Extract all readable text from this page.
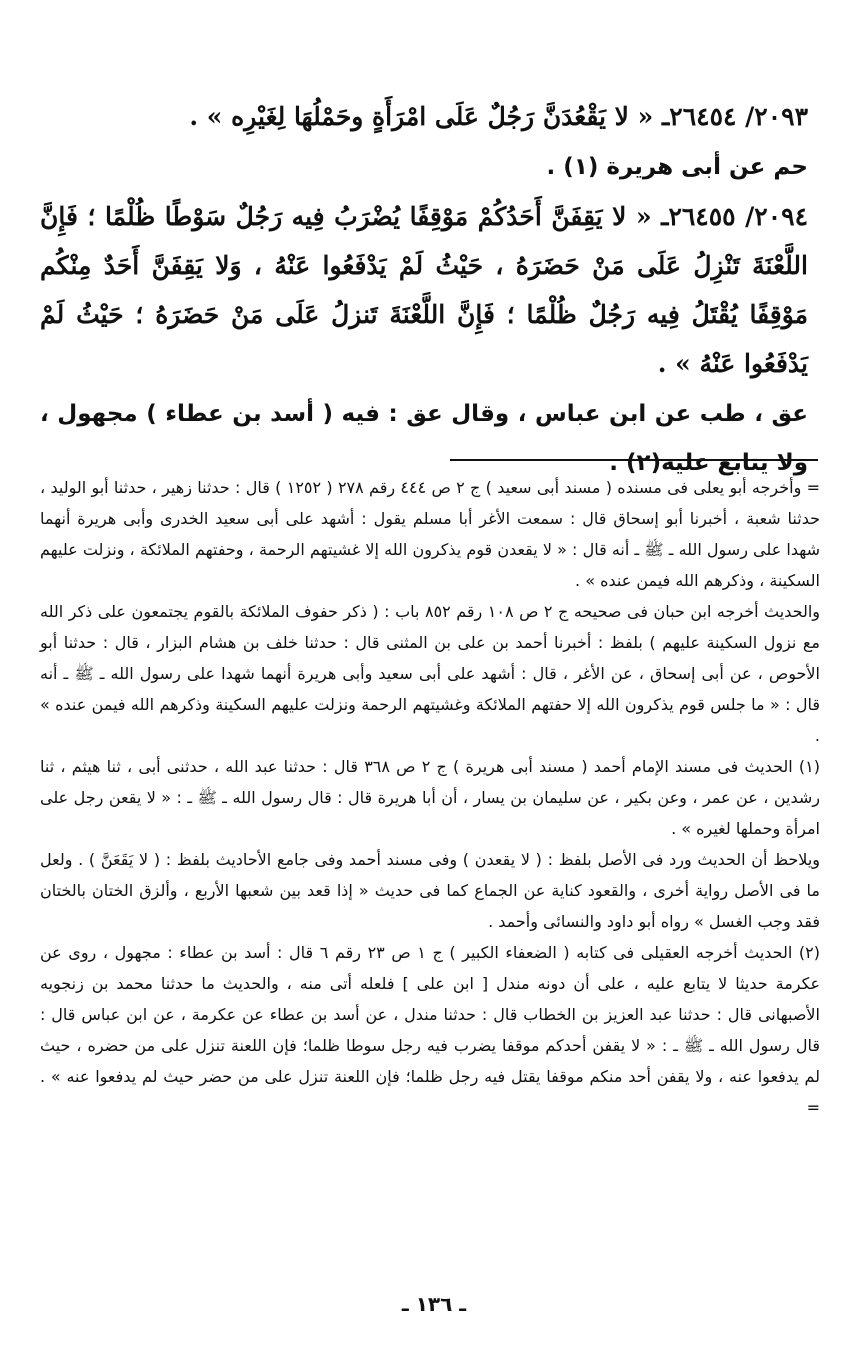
٢٠٩٣/ ٢٦٤٥٤ـ « لا يَقْعُدَنَّ رَجُلٌ عَلَى امْرَأَةٍ وحَمْلُهَا لِغَيْرِه » .

حم عن أبى هريرة (١) .

٢٠٩٤/ ٢٦٤٥٥ـ « لا يَقِفَنَّ أَحَدُكُمْ مَوْقِفًا يُضْرَبُ فِيه رَجُلٌ سَوْطًا ظُلْمًا ؛ فَإِنَّ اللَّعْنَةَ تَنْزِلُ عَلَى مَنْ حَضَرَهُ ، حَيْثُ لَمْ يَدْفَعُوا عَنْهُ ، وَلا يَقِفَنَّ أَحَدٌ مِنْكُم مَوْقِفًا يُقْتَلُ فِيه رَجُلٌ ظُلْمًا ؛ فَإِنَّ اللَّعْنَةَ تَنزلُ عَلَى مَنْ حَضَرَهُ ؛ حَيْثُ لَمْ يَدْفَعُوا عَنْهُ » .

عق ، طب عن ابن عباس ، وقال عق : فيه ( أسد بن عطاء ) مجهول ، ولا يتابع عليه(٢) .

= وأخرجه أبو يعلى فى مسنده ( مسند أبى سعيد ) ج ٢ ص ٤٤٤ رقم ٢٧٨ ( ١٢٥٢ ) قال : حدثنا زهير ، حدثنا أبو الوليد ، حدثنا شعبة ، أخبرنا أبو إسحاق قال : سمعت الأغر أبا مسلم يقول : أشهد على أبى سعيد الخدرى وأبى هريرة أنهما شهدا على رسول الله ـ ﷺ ـ أنه قال : « لا يقعدن قوم يذكرون الله إلا غشيتهم الرحمة ، وحفتهم الملائكة ، ونزلت عليهم السكينة ، وذكرهم الله فيمن عنده » .

والحديث أخرجه ابن حبان فى صحيحه ج ٢ ص ١٠٨ رقم ٨٥٢ باب : ( ذكر حفوف الملائكة بالقوم يجتمعون على ذكر الله مع نزول السكينة عليهم ) بلفظ : أخبرنا أحمد بن على بن المثنى قال : حدثنا خلف بن هشام البزار ، قال : حدثنا أبو الأحوص ، عن أبى إسحاق ، عن الأغر ، قال : أشهد على أبى سعيد وأبى هريرة أنهما شهدا على رسول الله ـ ﷺ ـ أنه قال : « ما جلس قوم يذكرون الله إلا حفتهم الملائكة وغشيتهم الرحمة ونزلت عليهم السكينة وذكرهم الله فيمن عنده » .

(١) الحديث فى مسند الإمام أحمد ( مسند أبى هريرة ) ج ٢ ص ٣٦٨ قال : حدثنا عبد الله ، حدثنى أبى ، ثنا هيثم ، ثنا رشدين ، عن عمر ، وعن بكير ، عن سليمان بن يسار ، أن أبا هريرة قال : قال رسول الله ـ ﷺ ـ : « لا يقعن رجل على امرأة وحملها لغيره » .

ويلاحظ أن الحديث ورد فى الأصل بلفظ : ( لا يقعدن ) وفى مسند أحمد وفى جامع الأحاديث بلفظ : ( لا يَقَعَنَّ ) . ولعل ما فى الأصل رواية أخرى ، والقعود كناية عن الجماع كما فى حديث « إذا قعد بين شعبها الأربع ، وألزق الختان بالختان فقد وجب الغسل » رواه أبو داود والنسائى وأحمد .

(٢) الحديث أخرجه العقيلى فى كتابه ( الضعفاء الكبير ) ج ١ ص ٢٣ رقم ٦ قال : أسد بن عطاء : مجهول ، روى عن عكرمة حديثا لا يتابع عليه ، على أن دونه مندل [ ابن على ] فلعله أتى منه ، والحديث ما حدثنا محمد بن زنجويه الأصبهانى قال : حدثنا عبد العزيز بن الخطاب قال : حدثنا مندل ، عن أسد بن عطاء عن عكرمة ، عن ابن عباس قال : قال رسول الله ـ ﷺ ـ : « لا يقفن أحدكم موقفا يضرب فيه رجل سوطا ظلما؛ فإن اللعنة تنزل على من حضره ، حيث لم يدفعوا عنه ، ولا يقفن أحد منكم موقفا يقتل فيه رجل ظلما؛ فإن اللعنة تنزل على من حضر حيث لم يدفعوا عنه » . =

ـ ١٣٦ ـ
